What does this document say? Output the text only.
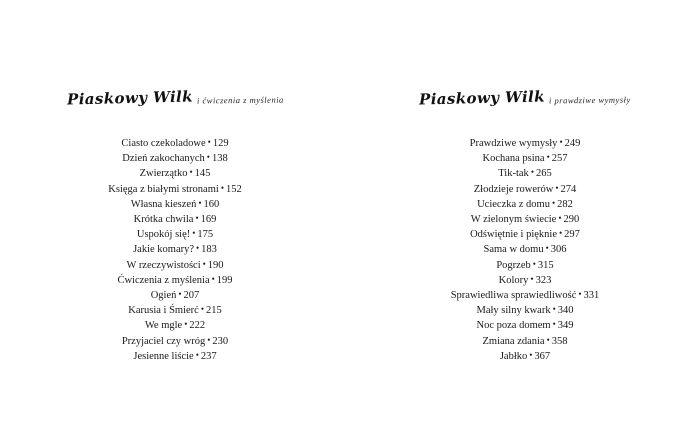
Piaskowy Wilk i ćwiczenia z myślenia
Ciasto czekoladowe • 129
Dzień zakochanych • 138
Zwierzątko • 145
Księga z białymi stronami • 152
Własna kieszeń • 160
Krótka chwila • 169
Uspokój się! • 175
Jakie komary? • 183
W rzeczywistości • 190
Ćwiczenia z myślenia • 199
Ogień • 207
Karusia i Śmierć • 215
We mgle • 222
Przyjaciel czy wróg • 230
Jesienne liście • 237
Piaskowy Wilk i prawdziwe wymysły
Prawdziwe wymysły • 249
Kochana psina • 257
Tik-tak • 265
Złodzieje rowerów • 274
Ucieczka z domu • 282
W zielonym świecie • 290
Odświętnie i pięknie • 297
Sama w domu • 306
Pogrzeb • 315
Kolory • 323
Sprawiedliwa sprawiedliwość • 331
Mały silny kwark • 340
Noc poza domem • 349
Zmiana zdania • 358
Jabłko • 367
